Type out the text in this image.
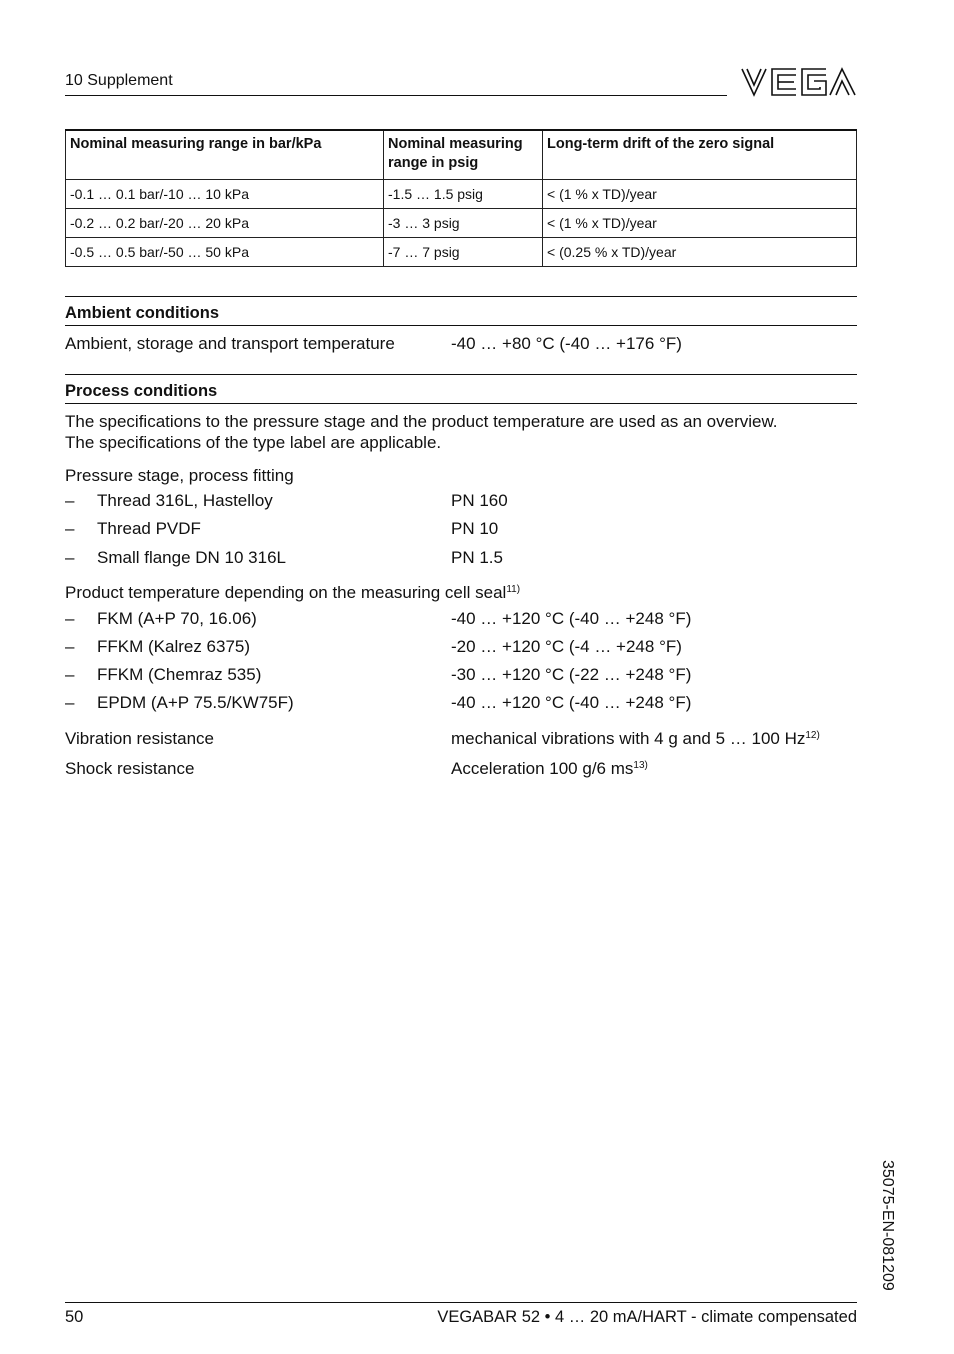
10 Supplement
Nominal measuring range in bar/kPa	Nominal measuring range in psig	Long-term drift of the zero signal
-0.1 … 0.1 bar/-10 … 10 kPa	-1.5 … 1.5 psig	< (1 % x TD)/year
-0.2 … 0.2 bar/-20 … 20 kPa	-3 … 3 psig	< (1 % x TD)/year
-0.5 … 0.5 bar/-50 … 50 kPa	-7 … 7 psig	< (0.25 % x TD)/year
Ambient conditions
Ambient, storage and transport temperature	-40 … +80 °C (-40 … +176 °F)
Process conditions
The specifications to the pressure stage and the product temperature are used as an overview.
The specifications of the type label are applicable.
Pressure stage, process fitting
– Thread 316L, Hastelloy	PN 160
– Thread PVDF	PN 10
– Small flange DN 10 316L	PN 1.5
Product temperature depending on the measuring cell seal$^{11)}$
– FKM (A+P 70, 16.06)	-40 … +120 °C (-40 … +248 °F)
– FFKM (Kalrez 6375)	-20 … +120 °C (-4 … +248 °F)
– FFKM (Chemraz 535)	-30 … +120 °C (-22 … +248 °F)
– EPDM (A+P 75.5/KW75F)	-40 … +120 °C (-40 … +248 °F)
Vibration resistance	mechanical vibrations with 4 g and 5 … 100 Hz$^{12)}$
Shock resistance	Acceleration 100 g/6 $ms^{13)}$
35075-EN-081209
50	VEGABAR 52 • 4 … 20 mA/HART - climate compensated
